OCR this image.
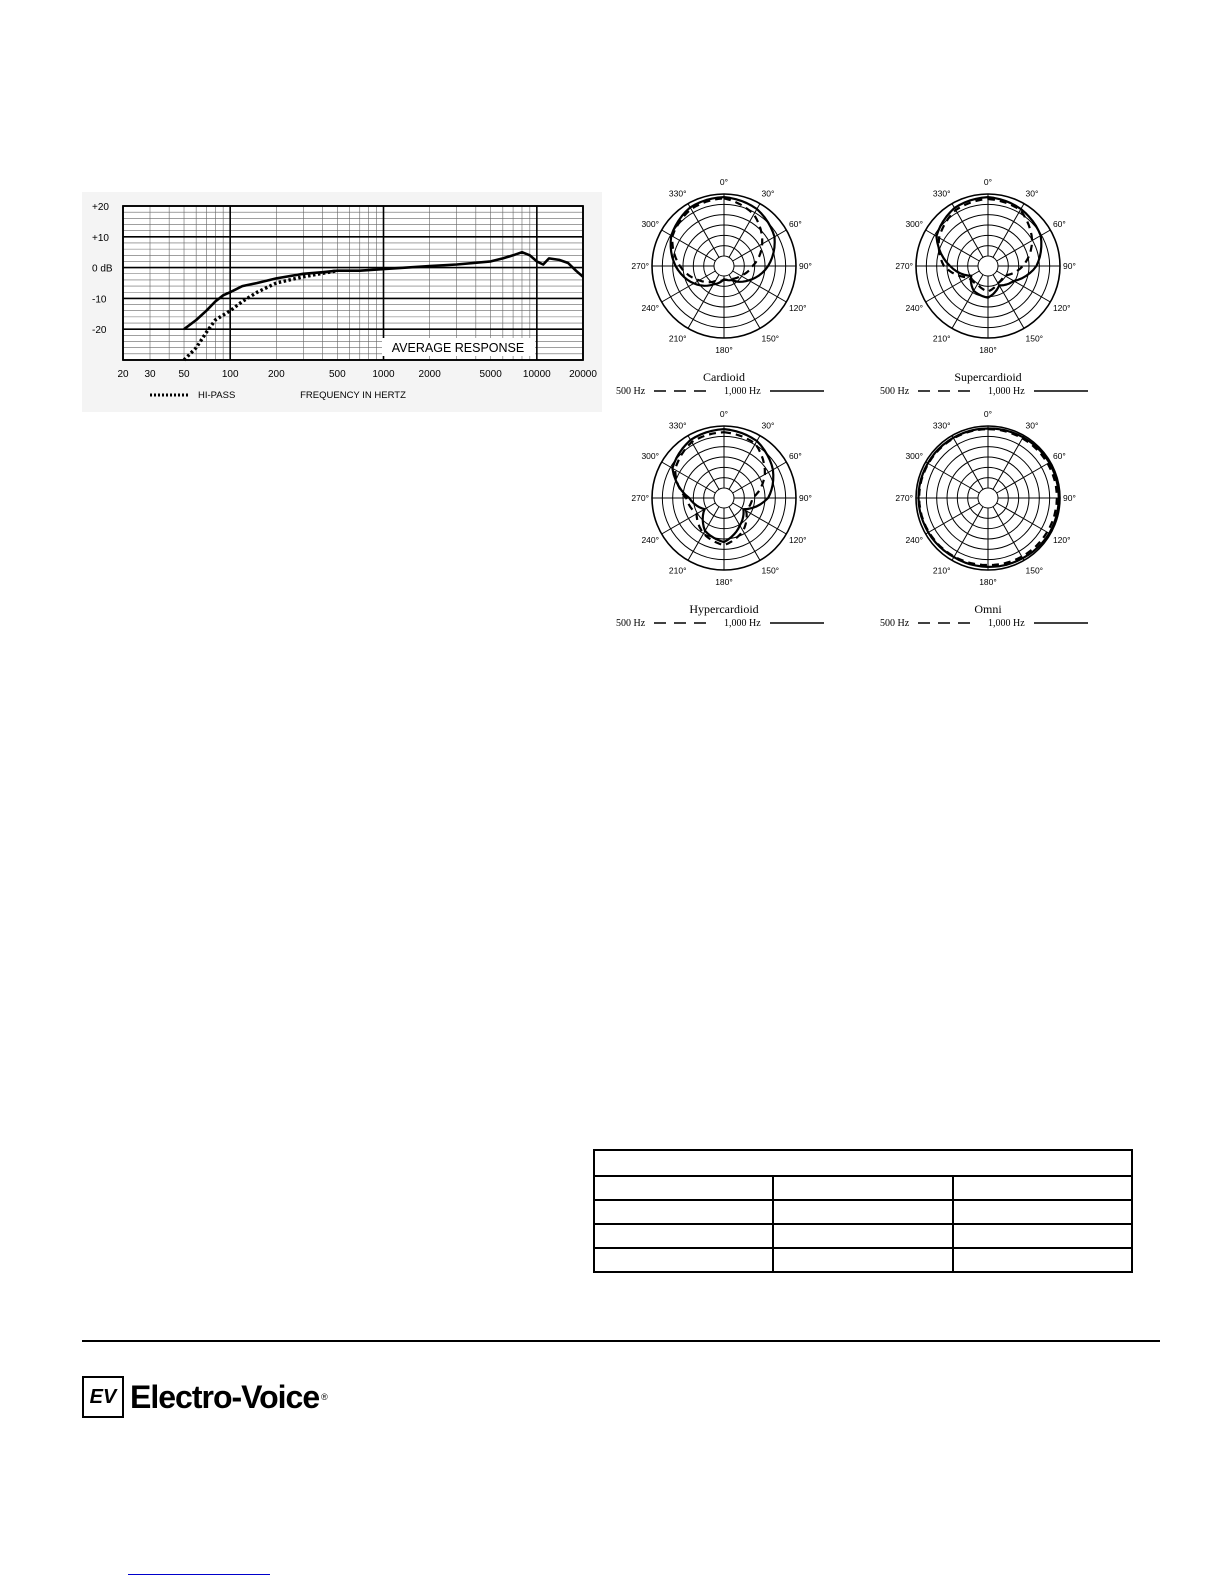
+20
+10
0 dB
-10
-20
20 30 50	100	200	500	1000 2000	5000 10000 20000
AVERAGE RESPONSE
HI-PASS	FREQUENCY IN HERTZ
0°
30°
60°
90°
120°
150°
180°
210°
240°
270°
300°
330°
Cardioid
500 Hz	1,000 Hz
0°
30°
60°
90°
120°
150°
180°
210°
240°
270°
300°
330°
Supercardioid
500 Hz	1,000 Hz
0°
30°
60°
90°
120°
150°
180°
210°
240°
270°
300°
330°
Hypercardioid
500 Hz	1,000 Hz
0°
30°
60°
90°
120°
150°
180°
210°
240°
270°
300°
330°
Omni
500 Hz	1,000 Hz

EV Electro-Voice ®
